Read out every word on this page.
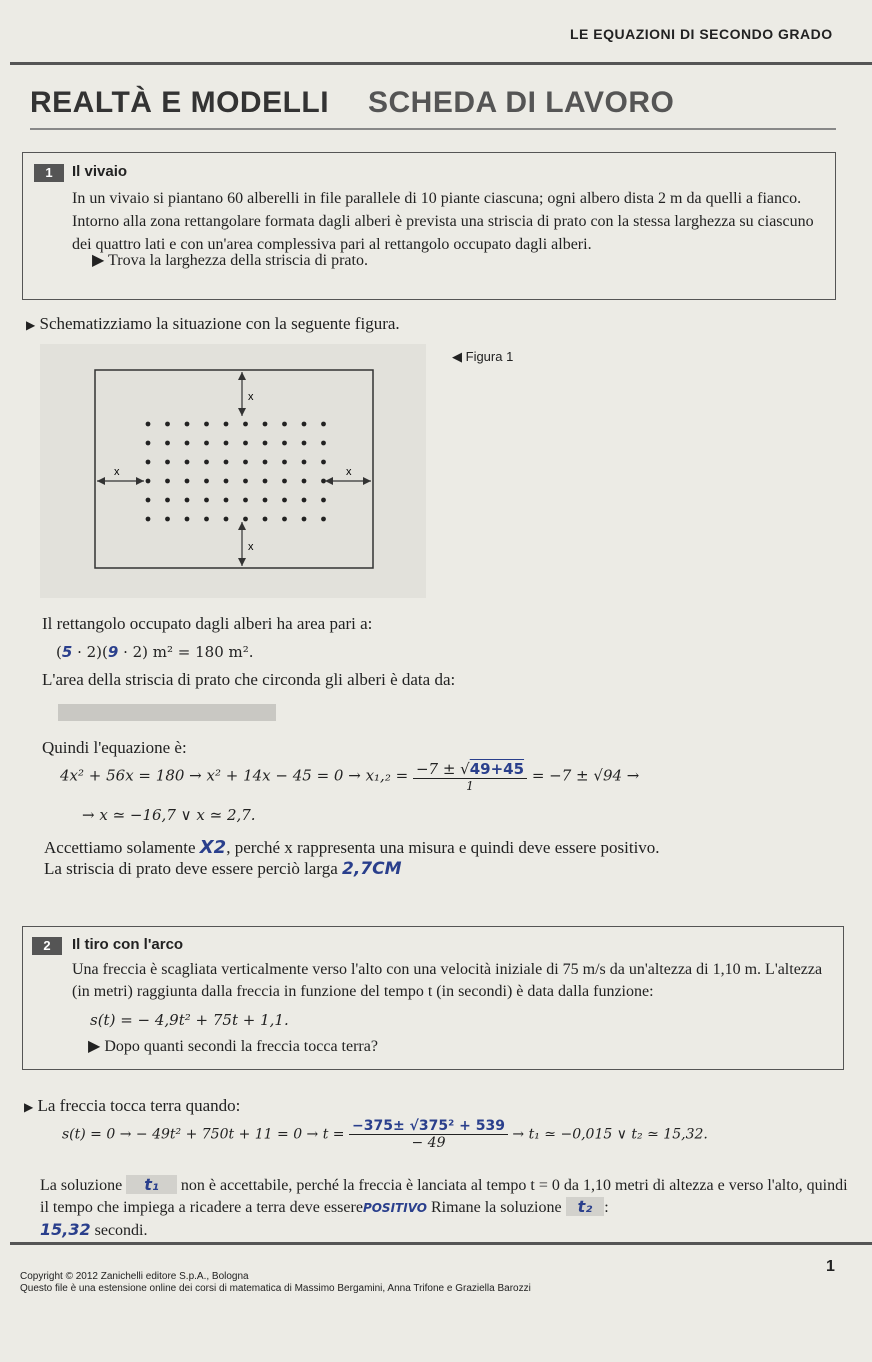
LE EQUAZIONI DI SECONDO GRADO
REALTÀ E MODELLI SCHEDA DI LAVORO
1	Il vivaio
In un vivaio si piantano 60 alberelli in file parallele di 10 piante ciascuna; ogni albero dista 2 m da quelli a fianco. Intorno alla zona rettangolare formata dagli alberi è prevista una striscia di prato con la stessa larghezza su ciascuno dei quattro lati e con un'area complessiva pari al rettangolo occupato dagli alberi.
▶ Trova la larghezza della striscia di prato.
▶ Schematizziamo la situazione con la seguente figura.
◀ Figura 1
x
x
x	x
Il rettangolo occupato dagli alberi ha area pari a:
(5 · 2)(9 · 2) m² = 180 m².
L'area della striscia di prato che circonda gli alberi è data da:
Quindi l'equazione è:
$4x^2 + 56x = 180 \to x^2 + 14x - 45 = 0 \to x_1,_2 = \frac{-7 \pm √49+45}{1} = -7 \pm √94$ →
→ x ≃ −16,7 ∨ x ≃ 2,7.
Accettiamo solamente X2, perché x rappresenta una misura e quindi deve essere positivo.
La striscia di prato deve essere perciò larga 2,7CM
2	Il tiro con l'arco
Una freccia è scagliata verticalmente verso l'alto con una velocità iniziale di 75 m/s da un'altezza di 1,10 m. L'altezza (in metri) raggiunta dalla freccia in funzione del tempo t (in secondi) è data dalla funzione:
s(t) = − 4,9t² + 75t + 1,1.
▶ Dopo quanti secondi la freccia tocca terra?
▶ La freccia tocca terra quando:
s(t) = 0 → − $49t^2 + 750t + 11 = 0 \to t = \frac{\text{−375± √375² + 539}}{- 49} \to t_1$ ≃ −0,015 ∨ t₂ ≃ 15,32.
La soluzione t₁ non è accettabile, perché la freccia è lanciata al tempo t = 0 da 1,10 metri di altezza e verso l'alto, quindi il tempo che impiega a ricadere a terra deve esserePOSITIVO Rimane la soluzione t₂ :
15,32 secondi.
Copyright © 2012 Zanichelli editore S.p.A., Bologna
Questo file è una estensione online dei corsi di matematica di Massimo Bergamini, Anna Trifone e Graziella Barozzi
1
